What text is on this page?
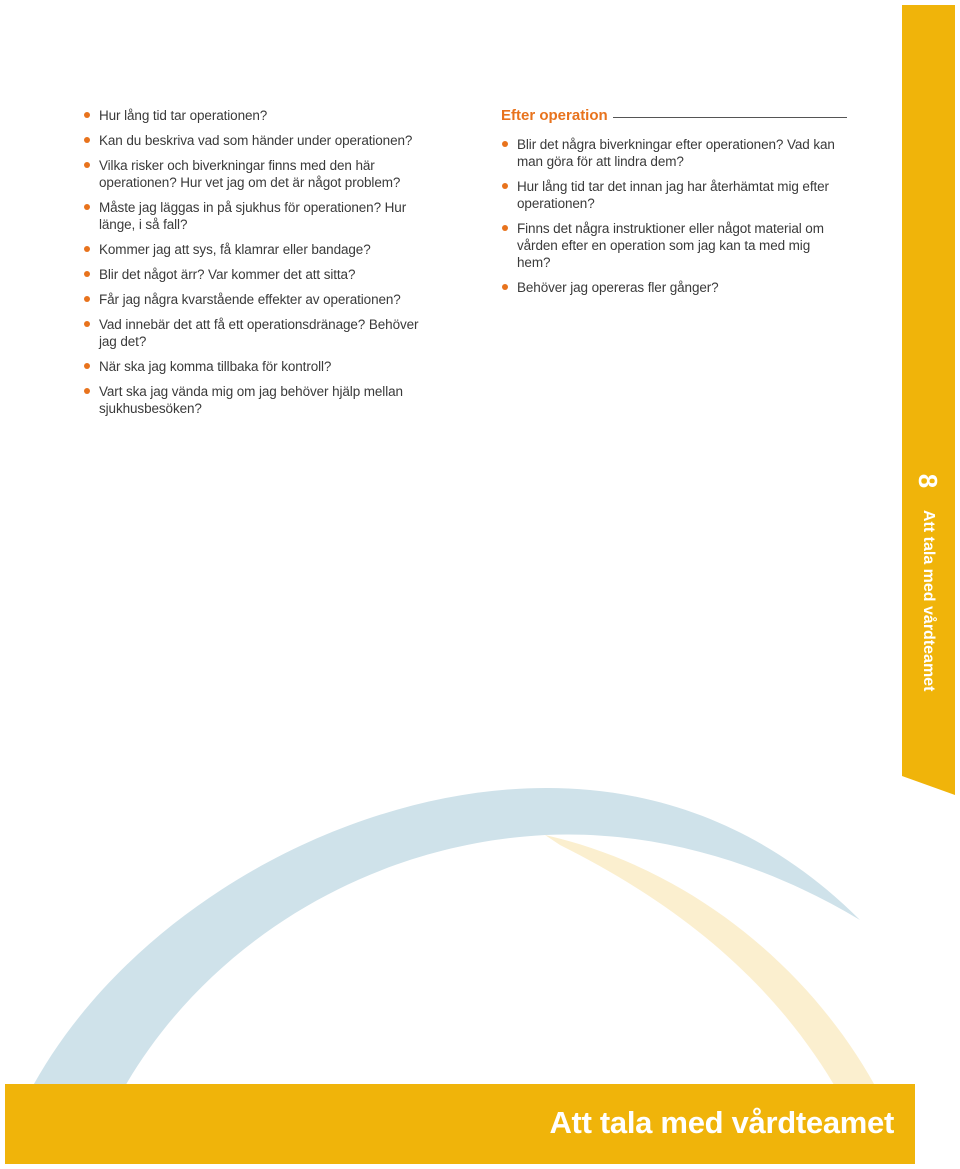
Hur lång tid tar operationen?
Kan du beskriva vad som händer under operationen?
Vilka risker och biverkningar finns med den här operationen? Hur vet jag om det är något problem?
Måste jag läggas in på sjukhus för operationen? Hur länge, i så fall?
Kommer jag att sys, få klamrar eller bandage?
Blir det något ärr? Var kommer det att sitta?
Får jag några kvarstående effekter av operationen?
Vad innebär det att få ett operationsdränage? Behöver jag det?
När ska jag komma tillbaka för kontroll?
Vart ska jag vända mig om jag behöver hjälp mellan sjukhusbesöken?
Efter operation
Blir det några biverkningar efter operationen? Vad kan man göra för att lindra dem?
Hur lång tid tar det innan jag har återhämtat mig efter operationen?
Finns det några instruktioner eller något material om vården efter en operation som jag kan ta med mig hem?
Behöver jag opereras fler gånger?
8
Att tala med vårdteamet
Att tala med vårdteamet
